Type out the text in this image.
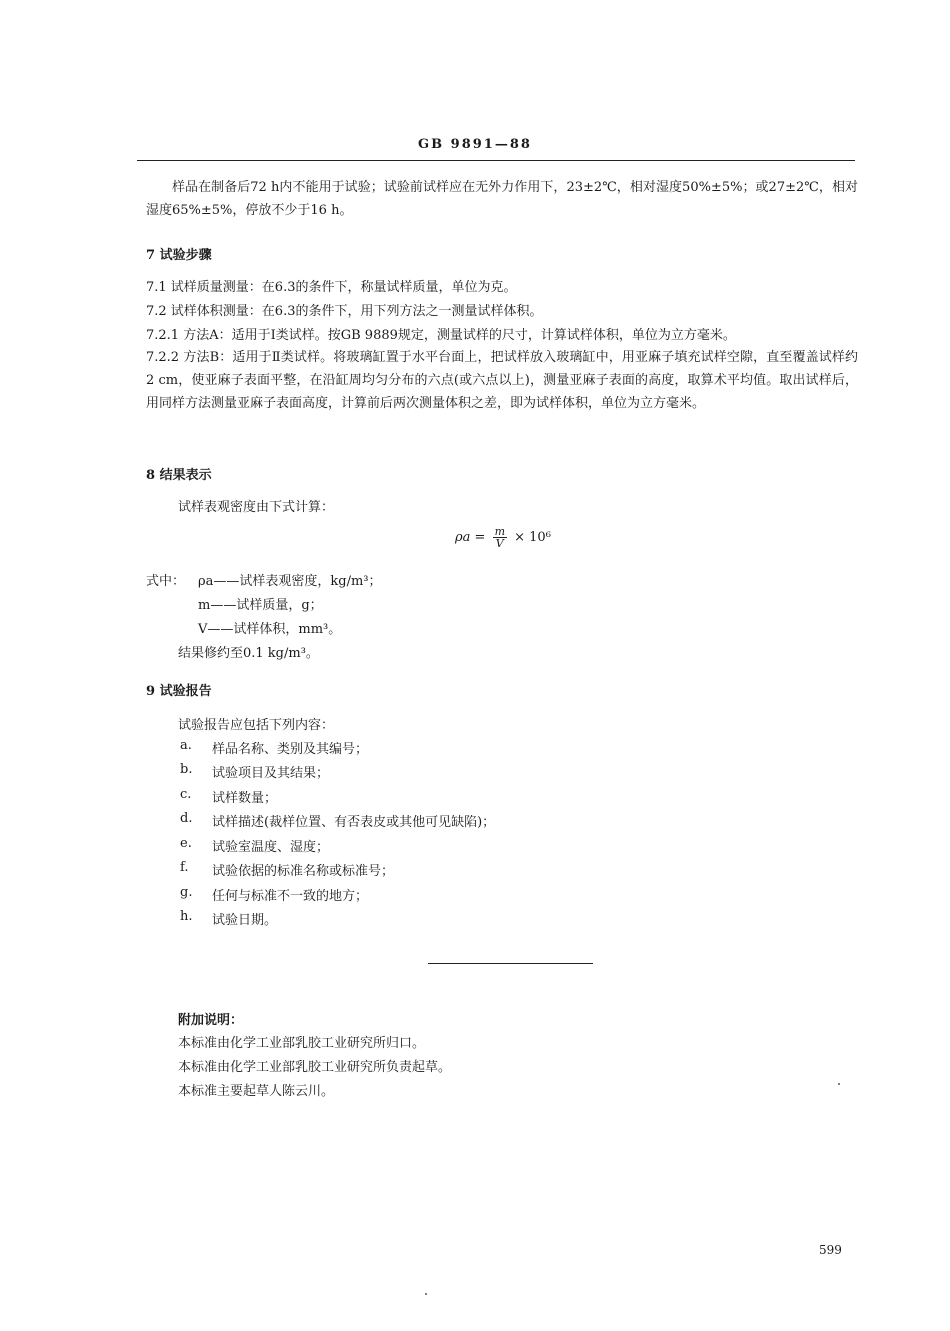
GB 9891—88
样品在制备后72 h内不能用于试验；试验前试样应在无外力作用下，23±2℃，相对湿度50%±5%；或27±2℃，相对湿度65%±5%，停放不少于16 h。
7 试验步骤
7.1 试样质量测量：在6.3的条件下，称量试样质量，单位为克。
7.2 试样体积测量：在6.3的条件下，用下列方法之一测量试样体积。
7.2.1 方法A：适用于Ⅰ类试样。按GB 9889规定，测量试样的尺寸，计算试样体积，单位为立方毫米。
7.2.2 方法B：适用于Ⅱ类试样。将玻璃缸置于水平台面上，把试样放入玻璃缸中，用亚麻子填充试样空隙，直至覆盖试样约2 cm，使亚麻子表面平整，在沿缸周均匀分布的六点(或六点以上)，测量亚麻子表面的高度，取算术平均值。取出试样后，用同样方法测量亚麻子表面高度，计算前后两次测量体积之差，即为试样体积，单位为立方毫米。
8 结果表示
试样表观密度由下式计算：
$\rho a = \frac{m}{V} \times 10^6$
式中： ρa——试样表观密度，kg/m³；
m——试样质量，g；
V——试样体积，mm³。
结果修约至0.1 kg/m³。
9 试验报告
试验报告应包括下列内容：
a. 样品名称、类别及其编号；
b. 试验项目及其结果；
c. 试样数量；
d. 试样描述(裁样位置、有否表皮或其他可见缺陷)；
e. 试验室温度、湿度；
f. 试验依据的标准名称或标准号；
g. 任何与标准不一致的地方；
h. 试验日期。
附加说明：
本标准由化学工业部乳胶工业研究所归口。
本标准由化学工业部乳胶工业研究所负责起草。
本标准主要起草人陈云川。
599
